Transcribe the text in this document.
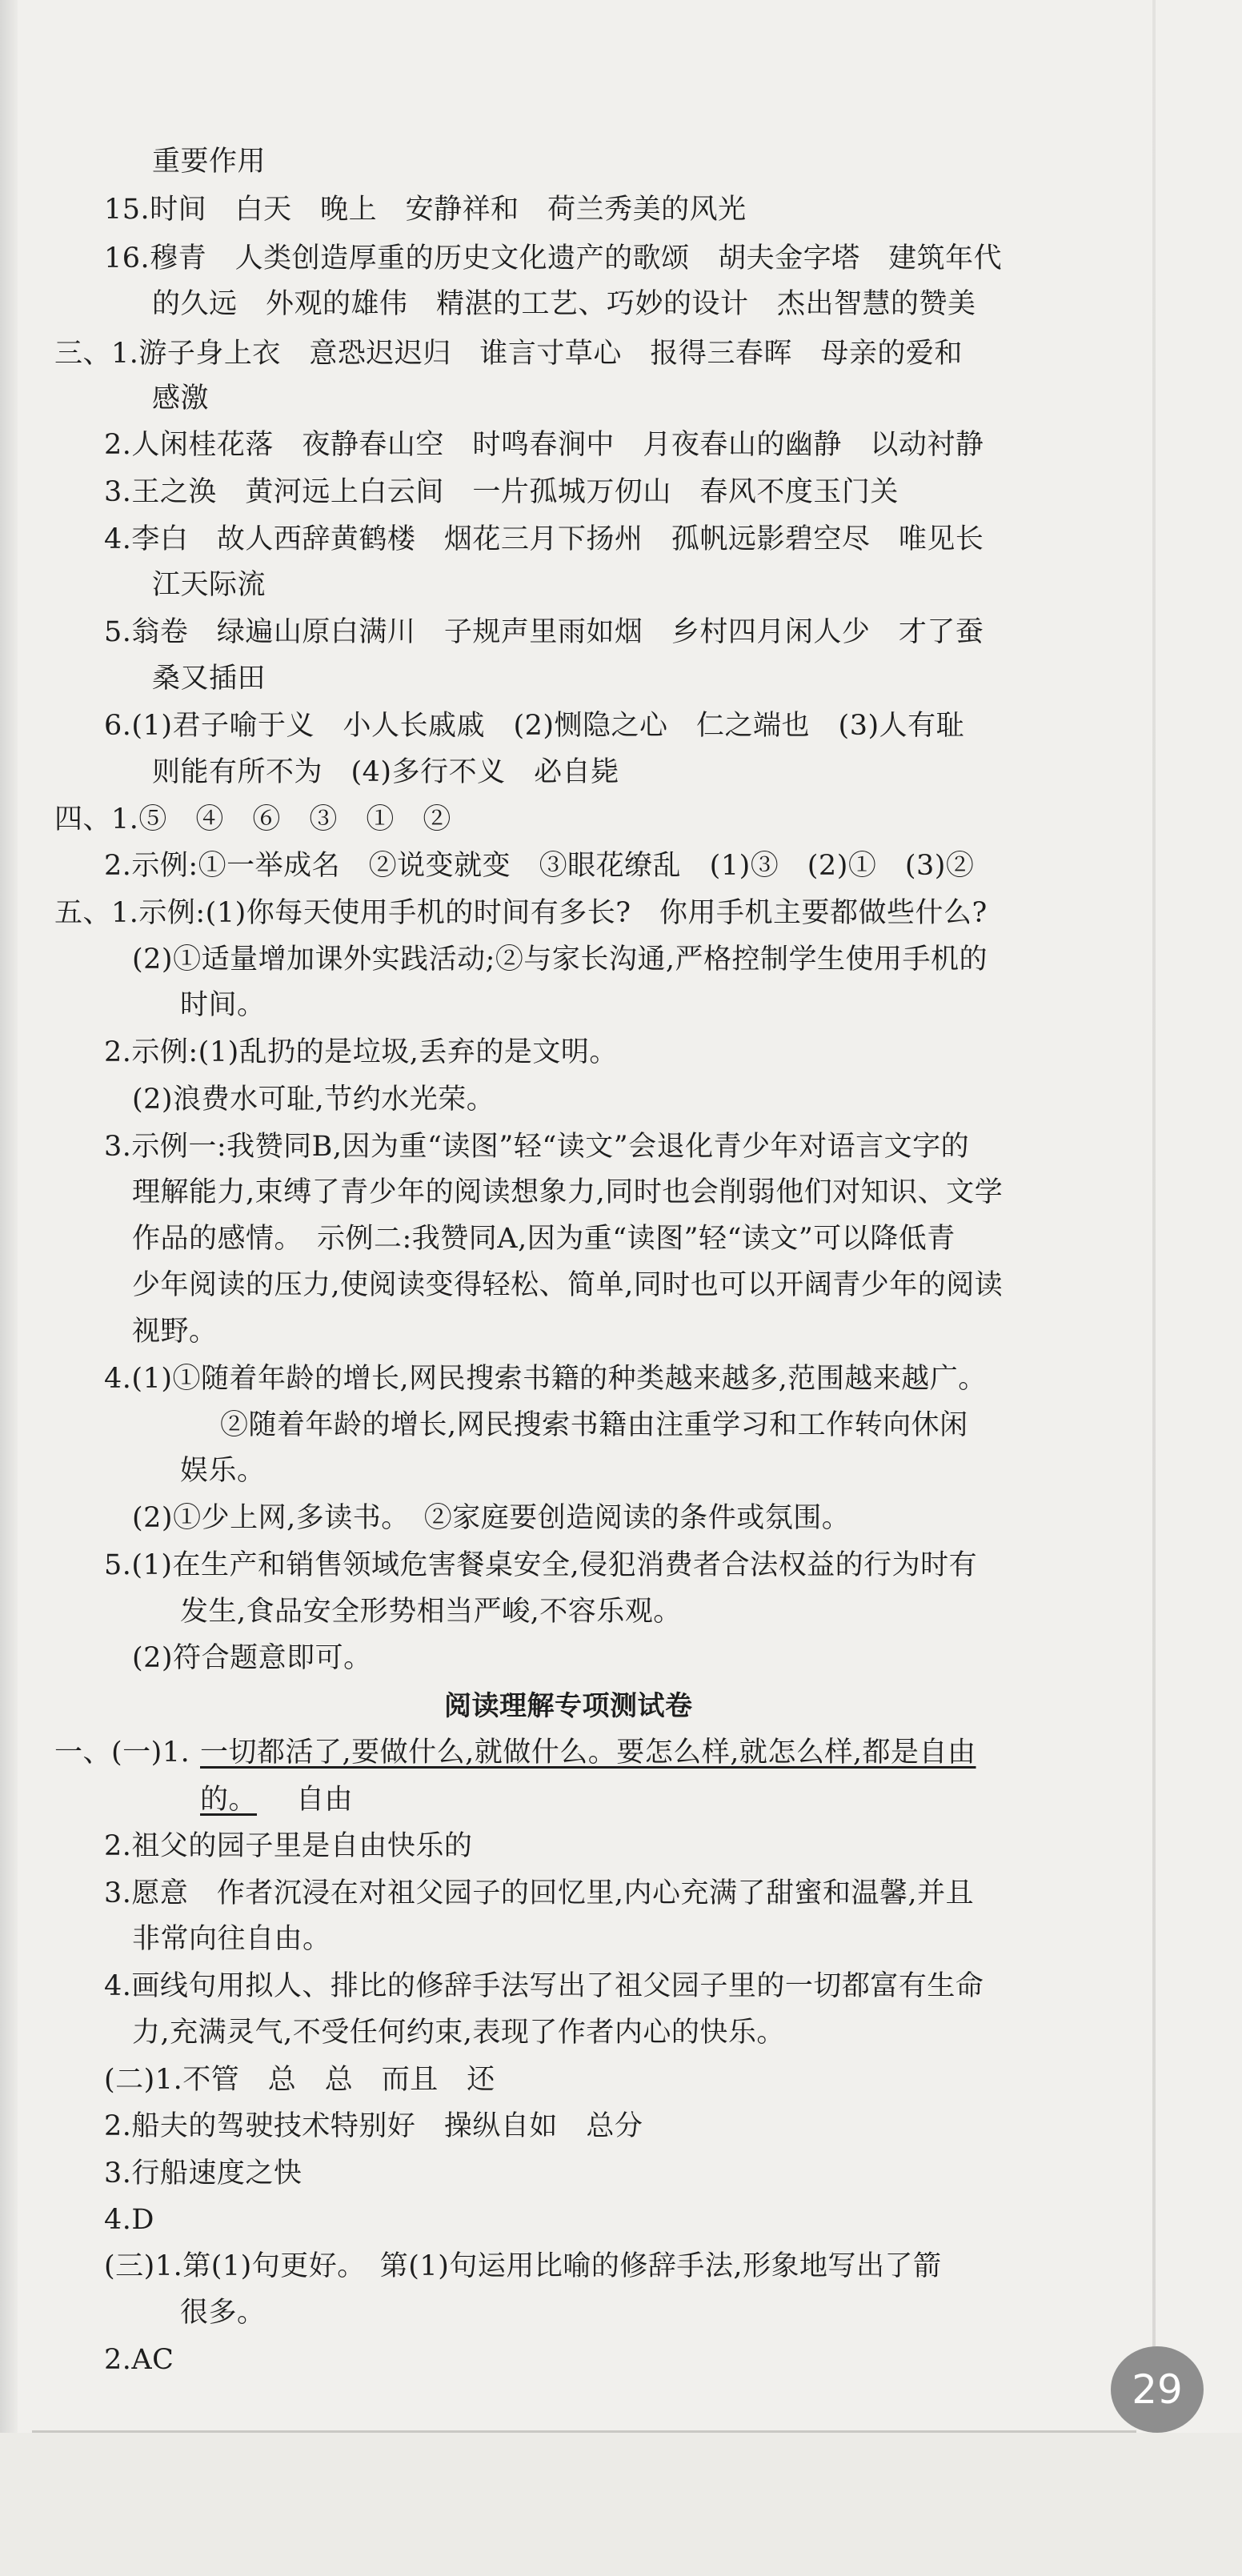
重要作用

15.时间　白天　晚上　安静祥和　荷兰秀美的风光

16.穆青　人类创造厚重的历史文化遗产的歌颂　胡夫金字塔　建筑年代

的久远　外观的雄伟　精湛的工艺、巧妙的设计　杰出智慧的赞美

三、1.游子身上衣　意恐迟迟归　谁言寸草心　报得三春晖　母亲的爱和

感激

2.人闲桂花落　夜静春山空　时鸣春涧中　月夜春山的幽静　以动衬静

3.王之涣　黄河远上白云间　一片孤城万仞山　春风不度玉门关

4.李白　故人西辞黄鹤楼　烟花三月下扬州　孤帆远影碧空尽　唯见长

江天际流

5.翁卷　绿遍山原白满川　子规声里雨如烟　乡村四月闲人少　才了蚕

桑又插田

6.(1)君子喻于义　小人长戚戚　(2)恻隐之心　仁之端也　(3)人有耻

则能有所不为　(4)多行不义　必自毙

四、1.⑤　④　⑥　③　①　②

2.示例:①一举成名　②说变就变　③眼花缭乱　(1)③　(2)①　(3)②

五、1.示例:(1)你每天使用手机的时间有多长?　你用手机主要都做些什么?

(2)①适量增加课外实践活动;②与家长沟通,严格控制学生使用手机的

时间。

2.示例:(1)乱扔的是垃圾,丢弃的是文明。

(2)浪费水可耻,节约水光荣。

3.示例一:我赞同B,因为重“读图”轻“读文”会退化青少年对语言文字的

理解能力,束缚了青少年的阅读想象力,同时也会削弱他们对知识、文学

作品的感情。　示例二:我赞同A,因为重“读图”轻“读文”可以降低青

少年阅读的压力,使阅读变得轻松、简单,同时也可以开阔青少年的阅读

视野。

4.(1)①随着年龄的增长,网民搜索书籍的种类越来越多,范围越来越广。

②随着年龄的增长,网民搜索书籍由注重学习和工作转向休闲

娱乐。

(2)①少上网,多读书。　②家庭要创造阅读的条件或氛围。

5.(1)在生产和销售领域危害餐桌安全,侵犯消费者合法权益的行为时有

发生,食品安全形势相当严峻,不容乐观。

(2)符合题意即可。

阅读理解专项测试卷

一、(一)1. 一切都活了,要做什么,就做什么。要怎么样,就怎么样,都是自由

的。 自由

2.祖父的园子里是自由快乐的

3.愿意　作者沉浸在对祖父园子的回忆里,内心充满了甜蜜和温馨,并且

非常向往自由。

4.画线句用拟人、排比的修辞手法写出了祖父园子里的一切都富有生命

力,充满灵气,不受任何约束,表现了作者内心的快乐。

(二)1.不管　总　总　而且　还

2.船夫的驾驶技术特别好　操纵自如　总分

3.行船速度之快

4.D

(三)1.第(1)句更好。　第(1)句运用比喻的修辞手法,形象地写出了箭

很多。

2.AC

29
